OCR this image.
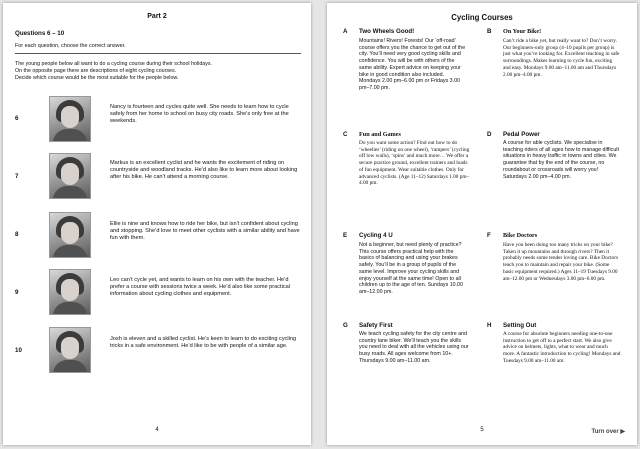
Part 2

Questions 6 – 10

For each question, choose the correct answer.

The young people below all want to do a cycling course during their school holidays.
On the opposite page there are descriptions of eight cycling courses.
Decide which course would be the most suitable for the people below.

6

Nancy is fourteen and cycles quite well. She needs to learn how to cycle safely from her home to school on busy city roads. She’s only free at the weekends.

7

Markus is an excellent cyclist and he wants the excitement of riding on countryside and woodland tracks. He’d also like to learn more about looking after his bike. He can’t attend a morning course.

8

Ellie is nine and knows how to ride her bike, but isn’t confident about cycling and stopping. She’d love to meet other cyclists with a similar ability and have fun with them.

9

Leo can’t cycle yet, and wants to learn on his own with the teacher. He’d prefer a course with sessions twice a week. He’d also like some practical information about cycling clothes and equipment.

10

Josh is eleven and a skilled cyclist. He’s keen to learn to do exciting cycling tricks in a safe environment. He’d like to be with people of a similar age.

4

Cycling Courses

A Two Wheels Good!

Mountains! Rivers! Forests! Our ‘off-road’ course offers you the chance to get out of the city. You’ll need very good cycling skills and confidence. You will be with others of the same ability. Expert advice on keeping your bike in good condition also included. Mondays 2.00 pm–6.00 pm or Fridays 3.00 pm–7.00 pm.

B On Your Bike!

Can’t ride a bike yet, but really want to? Don’t worry. Our beginners-only group (4–10 pupils per group) is just what you’re looking for. Excellent teaching in safe surroundings. Makes learning to cycle fun, exciting and easy. Mondays 9.00 am–11.00 am and Thursdays 2.00 pm–4.00 pm.

C Fun and Games

Do you want some action? Find out how to do ‘wheelies’ (riding on one wheel), ‘rampers’ (cycling off low walls), ‘spins’ and much more… We offer a secure practice ground, excellent trainers and loads of fun equipment. Wear suitable clothes. Only for advanced cyclists. (Age 11–12) Saturdays 1.00 pm–4.00 pm.

D Pedal Power

A course for able cyclists. We specialise in teaching riders of all ages how to manage difficult situations in heavy traffic in towns and cities. We guarantee that by the end of the course, no roundabout or crossroads will worry you! Saturdays 2.00 pm–4.00 pm.

E Cycling 4 U

Not a beginner, but need plenty of practice? This course offers practical help with the basics of balancing and using your brakes safely. You’ll be in a group of pupils of the same level. Improve your cycling skills and enjoy yourself at the same time! Open to all children up to the age of ten. Sundays 10.00 am–12.00 pm.

F Bike Doctors

Have you been doing too many tricks on your bike? Taken it up mountains and through rivers? Then it probably needs some tender loving care. Bike Doctors teach you to maintain and repair your bike. (Some basic equipment required.) Ages 11–19 Tuesdays 9.00 am–12.00 pm or Wednesdays 3.00 pm–6.00 pm.

G Safety First

We teach cycling safety for the city centre and country lane biker. We’ll teach you the skills you need to deal with all the vehicles using our busy roads. All ages welcome from 10+. Thursdays 9.00 am–11.00 am.

H Setting Out

A course for absolute beginners needing one-to-one instruction to get off to a perfect start. We also give advice on helmets, lights, what to wear and much more. A fantastic introduction to cycling! Mondays and Tuesdays 9.00 am–11.00 am.

5	Turn over ▶
